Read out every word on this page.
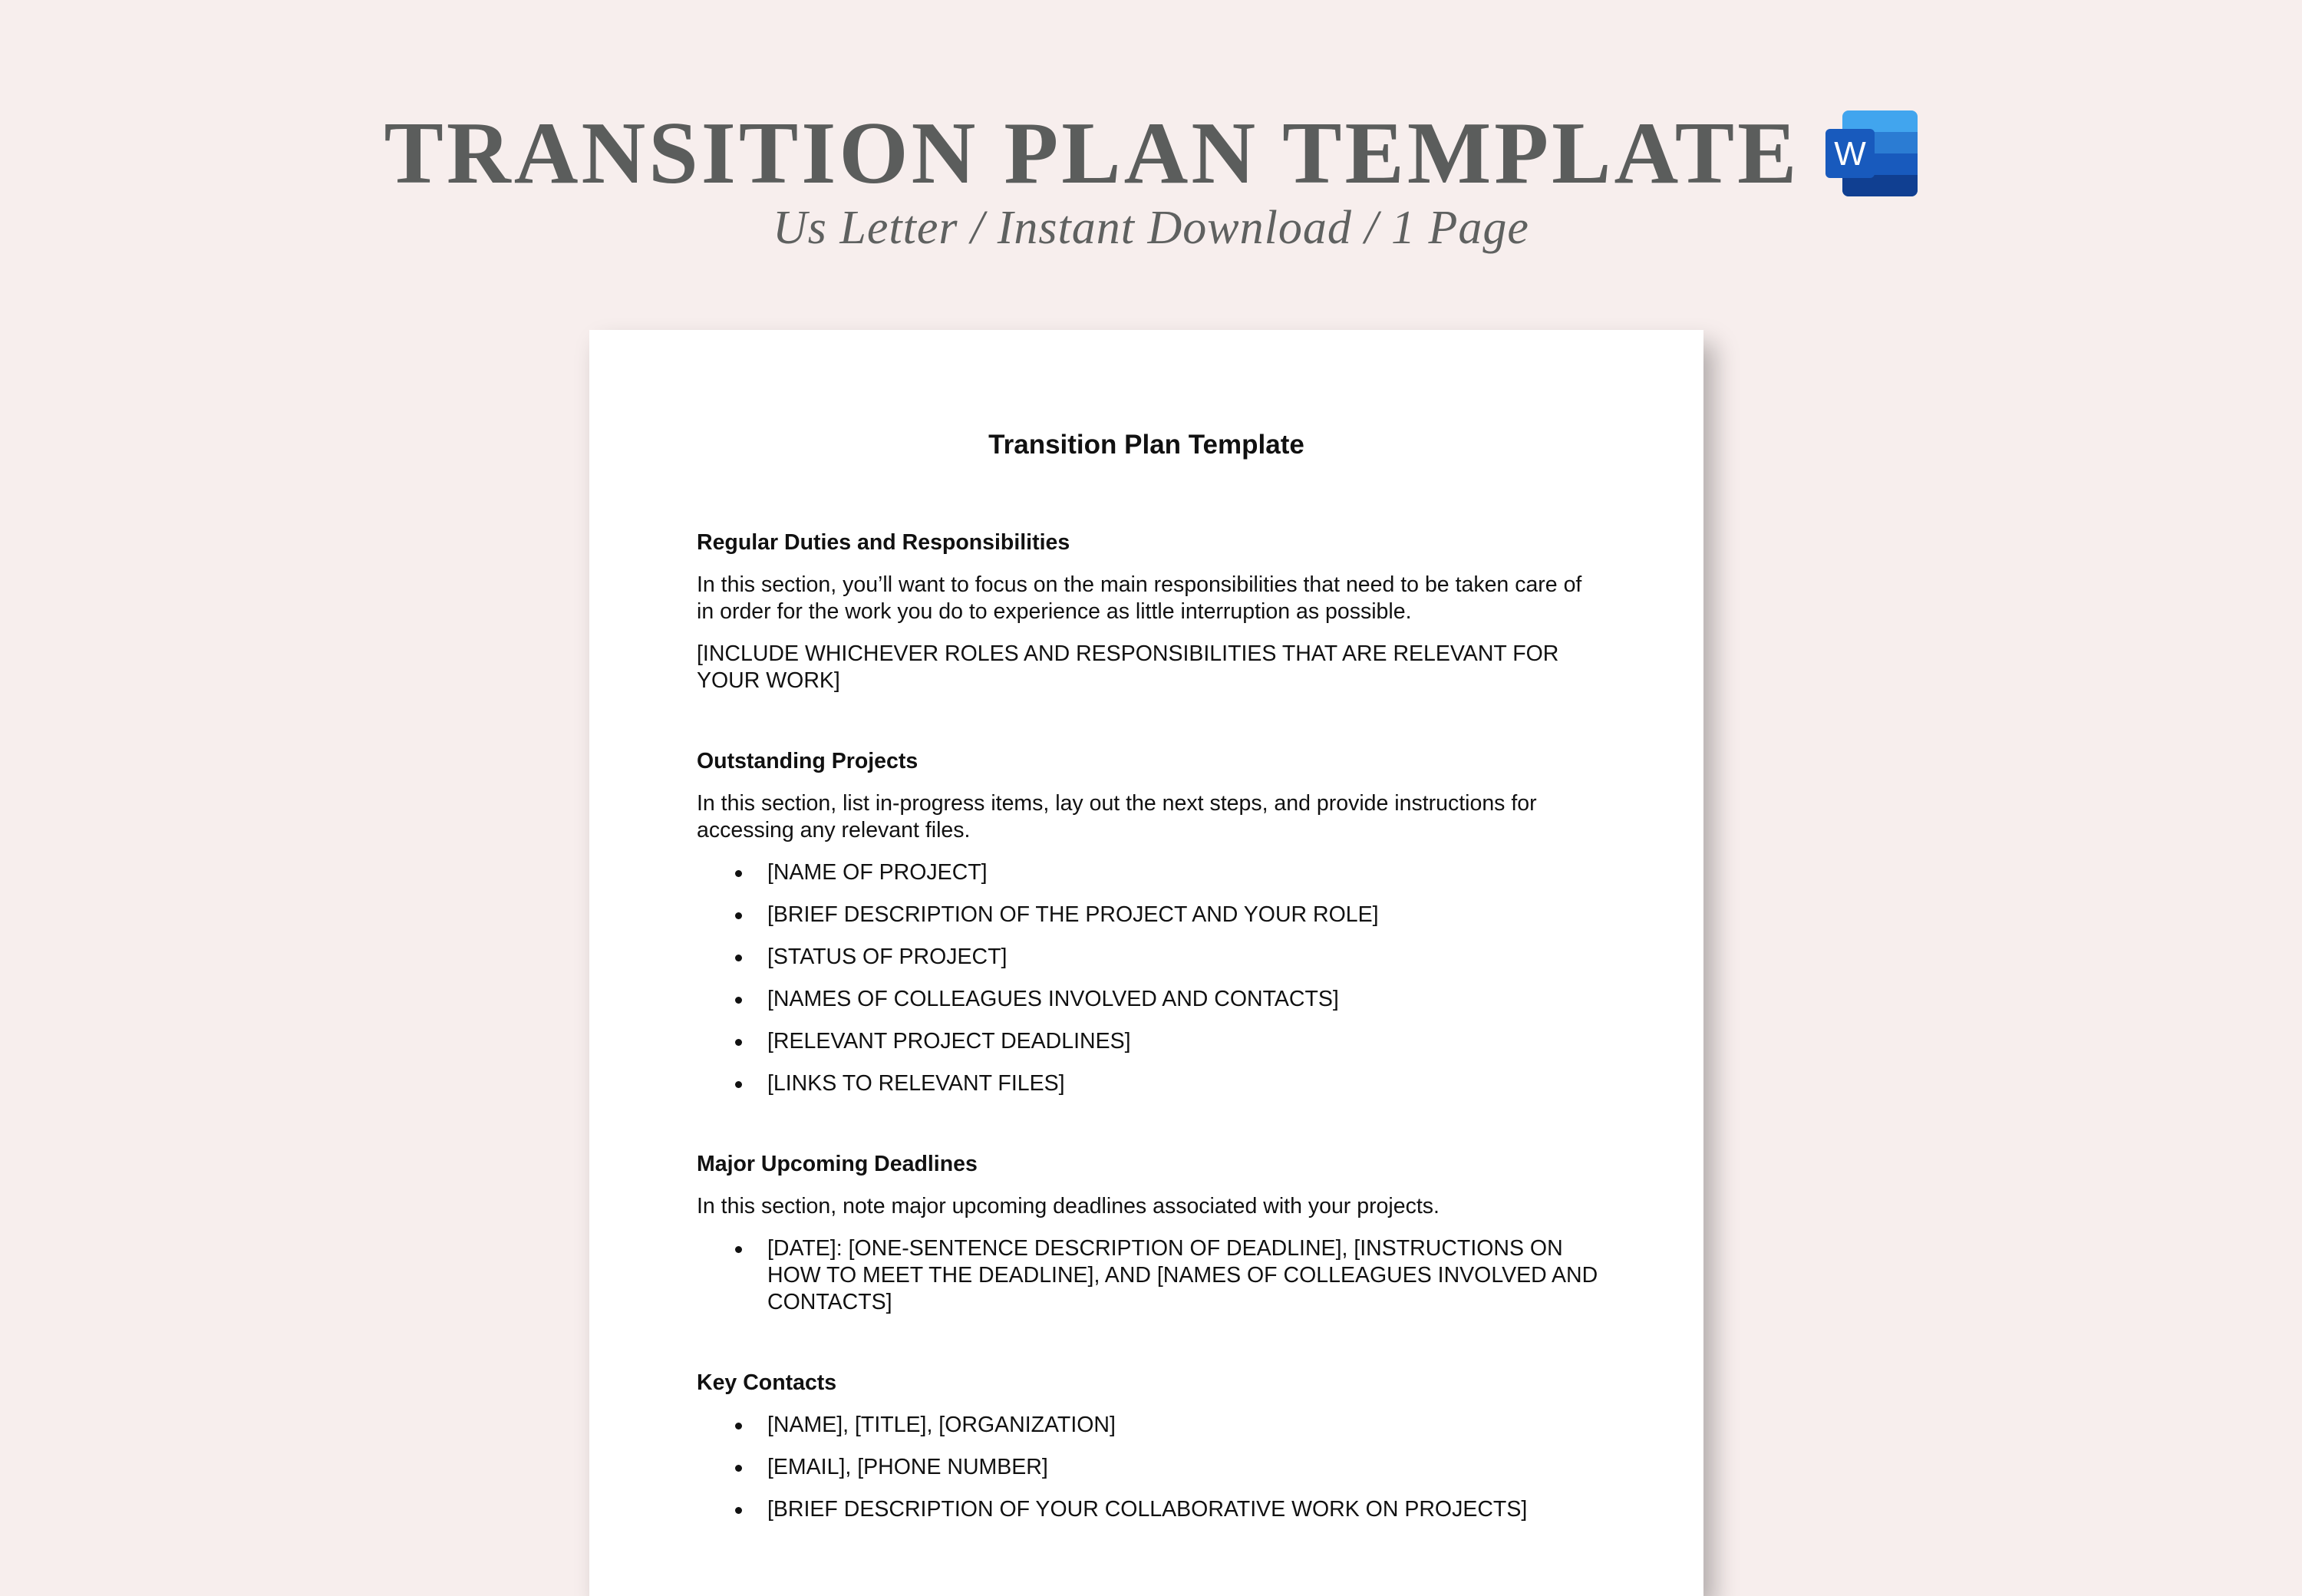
TRANSITION PLAN TEMPLATE W
Us Letter / Instant Download / 1 Page
Transition Plan Template
Regular Duties and Responsibilities
In this section, you’ll want to focus on the main responsibilities that need to be taken care of in order for the work you do to experience as little interruption as possible.
[INCLUDE WHICHEVER ROLES AND RESPONSIBILITIES THAT ARE RELEVANT FOR YOUR WORK]
Outstanding Projects
In this section, list in-progress items, lay out the next steps, and provide instructions for accessing any relevant files.
[NAME OF PROJECT]
[BRIEF DESCRIPTION OF THE PROJECT AND YOUR ROLE]
[STATUS OF PROJECT]
[NAMES OF COLLEAGUES INVOLVED AND CONTACTS]
[RELEVANT PROJECT DEADLINES]
[LINKS TO RELEVANT FILES]
Major Upcoming Deadlines
In this section, note major upcoming deadlines associated with your projects.
[DATE]: [ONE-SENTENCE DESCRIPTION OF DEADLINE], [INSTRUCTIONS ON HOW TO MEET THE DEADLINE], AND [NAMES OF COLLEAGUES INVOLVED AND CONTACTS]
Key Contacts
[NAME], [TITLE], [ORGANIZATION]
[EMAIL], [PHONE NUMBER]
[BRIEF DESCRIPTION OF YOUR COLLABORATIVE WORK ON PROJECTS]
